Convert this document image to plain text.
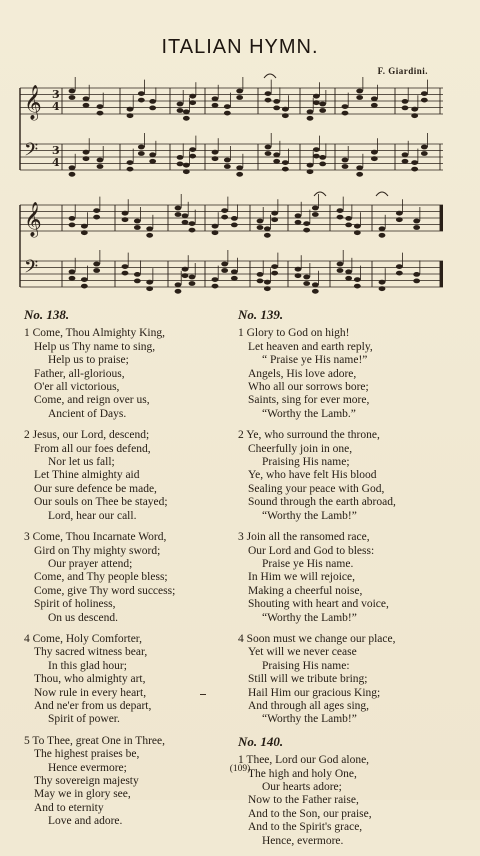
ITALIAN HYMN.
F. Giardini.
𝄞
𝄢
𝄞
𝄢
3
4
3
4
No. 138.
1 Come, Thou Almighty King,
Help us Thy name to sing,
Help us to praise;
Father, all-glorious,
O'er all victorious,
Come, and reign over us,
Ancient of Days.
2 Jesus, our Lord, descend;
From all our foes defend,
Nor let us fall;
Let Thine almighty aid
Our sure defence be made,
Our souls on Thee be stayed;
Lord, hear our call.
3 Come, Thou Incarnate Word,
Gird on Thy mighty sword;
Our prayer attend;
Come, and Thy people bless;
Come, give Thy word success;
Spirit of holiness,
On us descend.
4 Come, Holy Comforter,
Thy sacred witness bear,
In this glad hour;
Thou, who almighty art,
Now rule in every heart,
And ne'er from us depart,
Spirit of power.
5 To Thee, great One in Three,
The highest praises be,
Hence evermore;
Thy sovereign majesty
May we in glory see,
And to eternity
Love and adore.
No. 139.
1 Glory to God on high!
Let heaven and earth reply,
“ Praise ye His name!”
Angels, His love adore,
Who all our sorrows bore;
Saints, sing for ever more,
“Worthy the Lamb.”
2 Ye, who surround the throne,
Cheerfully join in one,
Praising His name;
Ye, who have felt His blood
Sealing your peace with God,
Sound through the earth abroad,
“Worthy the Lamb!”
3 Join all the ransomed race,
Our Lord and God to bless:
Praise ye His name.
In Him we will rejoice,
Making a cheerful noise,
Shouting with heart and voice,
“Worthy the Lamb!”
4 Soon must we change our place,
Yet will we never cease
Praising His name:
Still will we tribute bring;
Hail Him our gracious King;
And through all ages sing,
“Worthy the Lamb!”
No. 140.
1 Thee, Lord our God alone,
The high and holy One,
Our hearts adore;
Now to the Father raise,
And to the Son, our praise,
And to the Spirit's grace,
Hence, evermore.
(109)
